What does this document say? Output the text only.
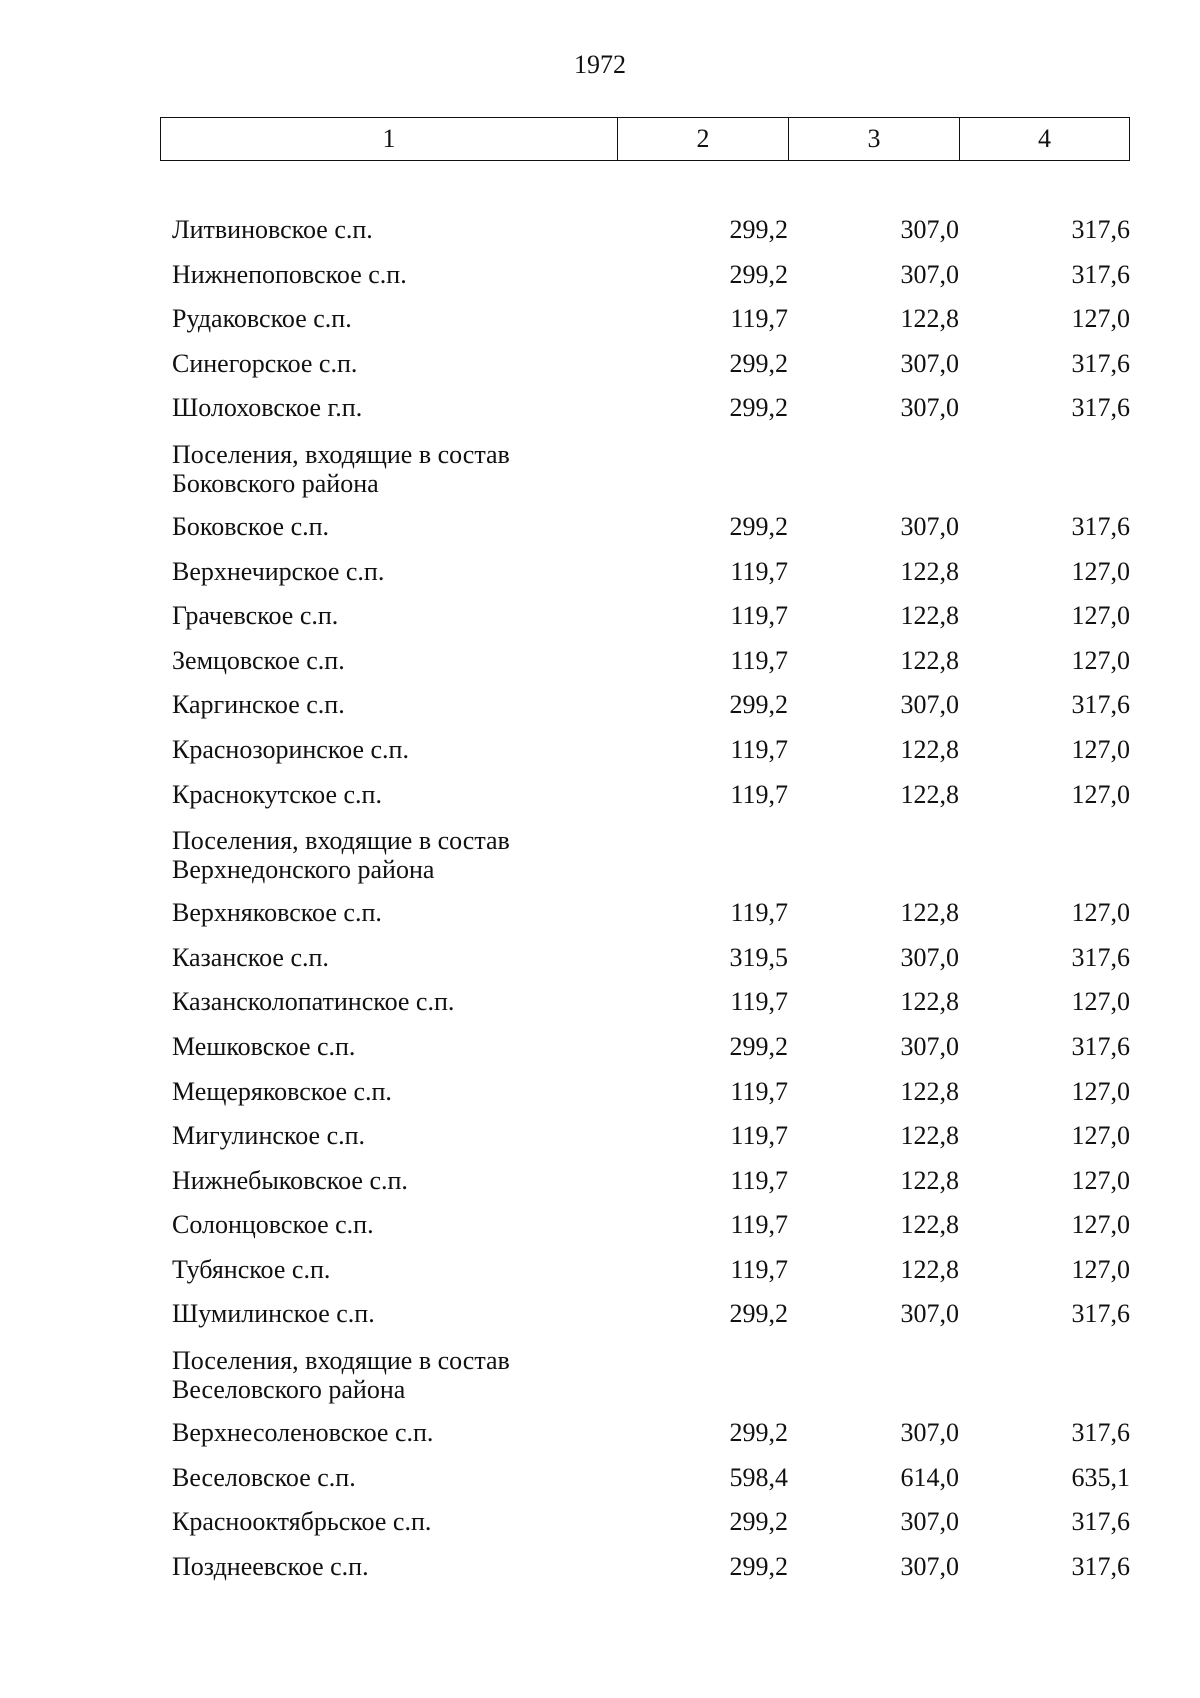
1972
1	2	3	4
Литвиновское с.п.	299,2	307,0	317,6
Нижнепоповское с.п.	299,2	307,0	317,6
Рудаковское с.п.	119,7	122,8	127,0
Синегорское с.п.	299,2	307,0	317,6
Шолоховское г.п.	299,2	307,0	317,6
Поселения, входящие в состав
Боковского района
Боковское с.п.	299,2	307,0	317,6
Верхнечирское с.п.	119,7	122,8	127,0
Грачевское с.п.	119,7	122,8	127,0
Земцовское с.п.	119,7	122,8	127,0
Каргинское с.п.	299,2	307,0	317,6
Краснозоринское с.п.	119,7	122,8	127,0
Краснокутское с.п.	119,7	122,8	127,0
Поселения, входящие в состав
Верхнедонского района
Верхняковское с.п.	119,7	122,8	127,0
Казанское с.п.	319,5	307,0	317,6
Казансколопатинское с.п.	119,7	122,8	127,0
Мешковское с.п.	299,2	307,0	317,6
Мещеряковское с.п.	119,7	122,8	127,0
Мигулинское с.п.	119,7	122,8	127,0
Нижнебыковское с.п.	119,7	122,8	127,0
Солонцовское с.п.	119,7	122,8	127,0
Тубянское с.п.	119,7	122,8	127,0
Шумилинское с.п.	299,2	307,0	317,6
Поселения, входящие в состав
Веселовского района
Верхнесоленовское с.п.	299,2	307,0	317,6
Веселовское с.п.	598,4	614,0	635,1
Краснооктябрьское с.п.	299,2	307,0	317,6
Позднеевское с.п.	299,2	307,0	317,6
